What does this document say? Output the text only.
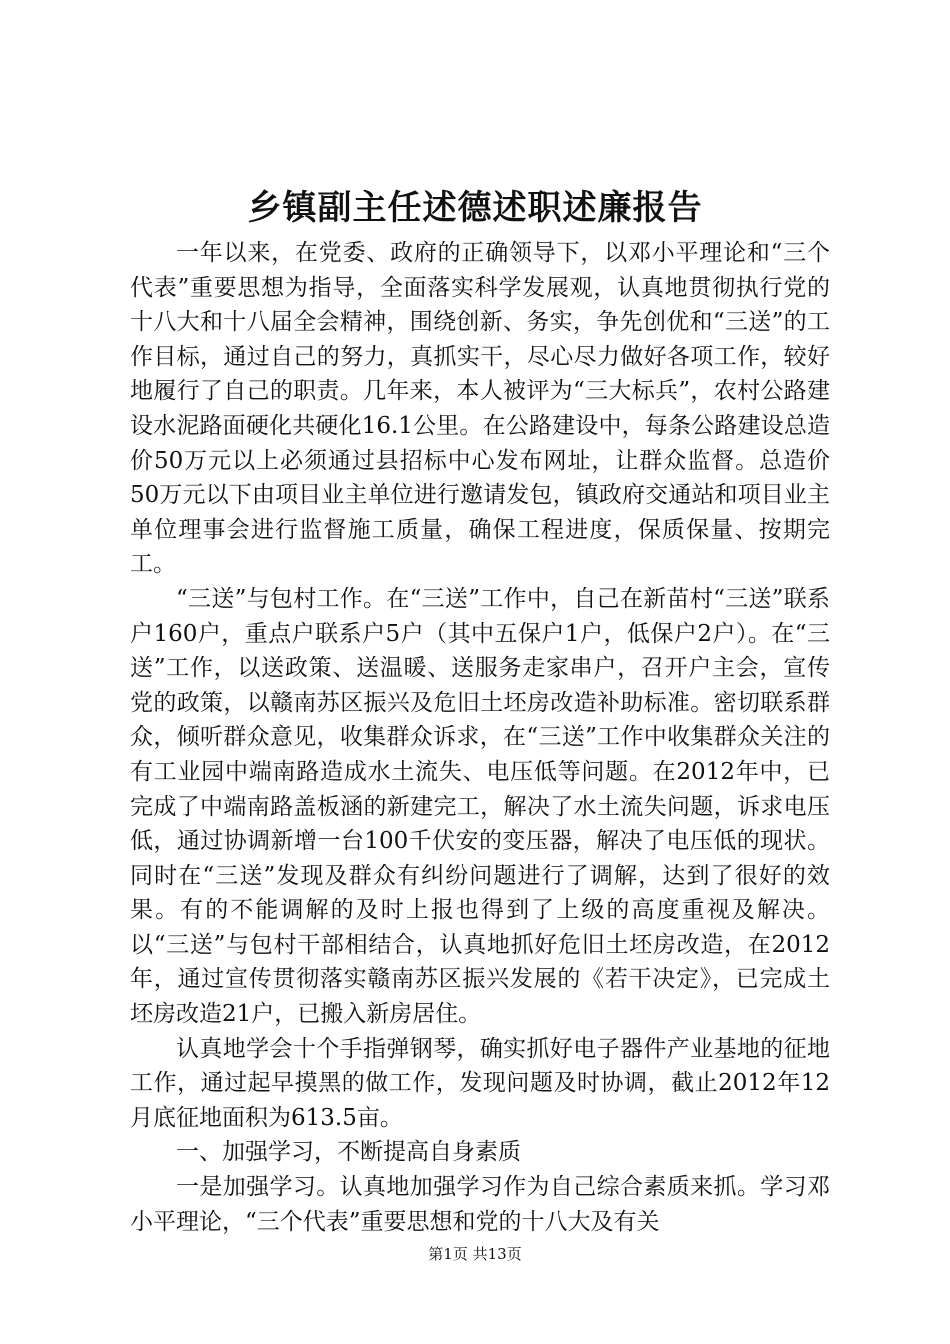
乡镇副主任述德述职述廉报告

一年以来，在党委、政府的正确领导下，以邓小平理论和“三个代表”重要思想为指导，全面落实科学发展观，认真地贯彻执行党的十八大和十八届全会精神，围绕创新、务实，争先创优和“三送”的工作目标，通过自己的努力，真抓实干，尽心尽力做好各项工作，较好地履行了自己的职责。几年来，本人被评为“三大标兵”，农村公路建设水泥路面硬化共硬化16.1公里。在公路建设中，每条公路建设总造价50万元以上必须通过县招标中心发布网址，让群众监督。总造价50万元以下由项目业主单位进行邀请发包，镇政府交通站和项目业主单位理事会进行监督施工质量，确保工程进度，保质保量、按期完工。

“三送”与包村工作。在“三送”工作中，自己在新苗村“三送”联系户160户，重点户联系户5户（其中五保户1户，低保户2户）。在“三送”工作，以送政策、送温暖、送服务走家串户，召开户主会，宣传党的政策，以赣南苏区振兴及危旧土坯房改造补助标准。密切联系群众，倾听群众意见，收集群众诉求，在“三送”工作中收集群众关注的有工业园中端南路造成水土流失、电压低等问题。在2012年中，已完成了中端南路盖板涵的新建完工，解决了水土流失问题，诉求电压低，通过协调新增一台100千伏安的变压器，解决了电压低的现状。同时在“三送”发现及群众有纠纷问题进行了调解，达到了很好的效果。有的不能调解的及时上报也得到了上级的高度重视及解决。以“三送”与包村干部相结合，认真地抓好危旧土坯房改造，在2012年，通过宣传贯彻落实赣南苏区振兴发展的《若干决定》，已完成土坯房改造21户，已搬入新房居住。

认真地学会十个手指弹钢琴，确实抓好电子器件产业基地的征地工作，通过起早摸黑的做工作，发现问题及时协调，截止2012年12月底征地面积为613.5亩。

一、加强学习，不断提高自身素质

一是加强学习。认真地加强学习作为自己综合素质来抓。学习邓小平理论，“三个代表”重要思想和党的十八大及有关

第1页 共13页
